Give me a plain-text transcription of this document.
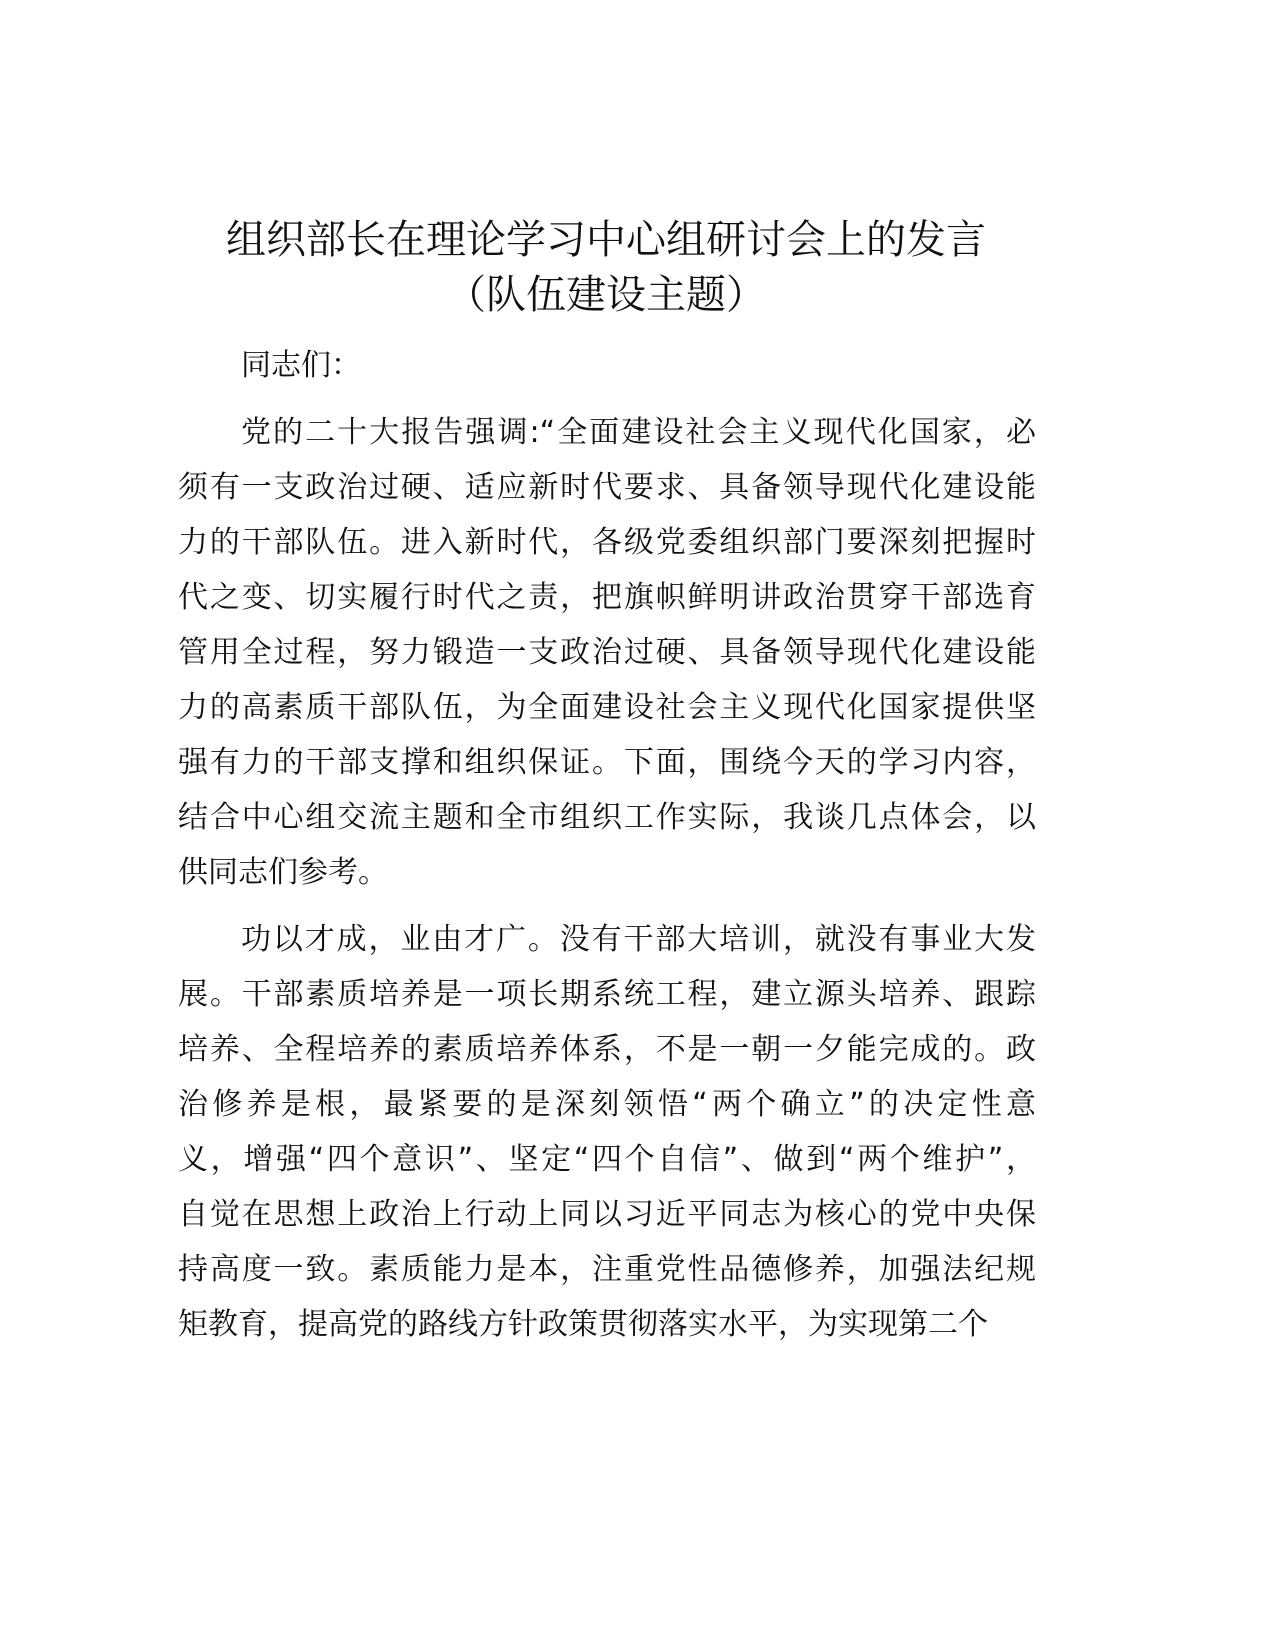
组织部长在理论学习中心组研讨会上的发言
（队伍建设主题）
同志们：
党的二十大报告强调:“全面建设社会主义现代化国家，必
须有一支政治过硬、适应新时代要求、具备领导现代化建设能
力的干部队伍。进入新时代，各级党委组织部门要深刻把握时
代之变、切实履行时代之责，把旗帜鲜明讲政治贯穿干部选育
管用全过程，努力锻造一支政治过硬、具备领导现代化建设能
力的高素质干部队伍，为全面建设社会主义现代化国家提供坚
强有力的干部支撑和组织保证。下面，围绕今天的学习内容，
结合中心组交流主题和全市组织工作实际，我谈几点体会，以
供同志们参考。
功以才成，业由才广。没有干部大培训，就没有事业大发
展。干部素质培养是一项长期系统工程，建立源头培养、跟踪
培养、全程培养的素质培养体系，不是一朝一夕能完成的。政
治修养是根，最紧要的是深刻领悟“两个确立”的决定性意
义，增强“四个意识”、坚定“四个自信”、做到“两个维护”，
自觉在思想上政治上行动上同以习近平同志为核心的党中央保
持高度一致。素质能力是本，注重党性品德修养，加强法纪规
矩教育，提高党的路线方针政策贯彻落实水平，为实现第二个
